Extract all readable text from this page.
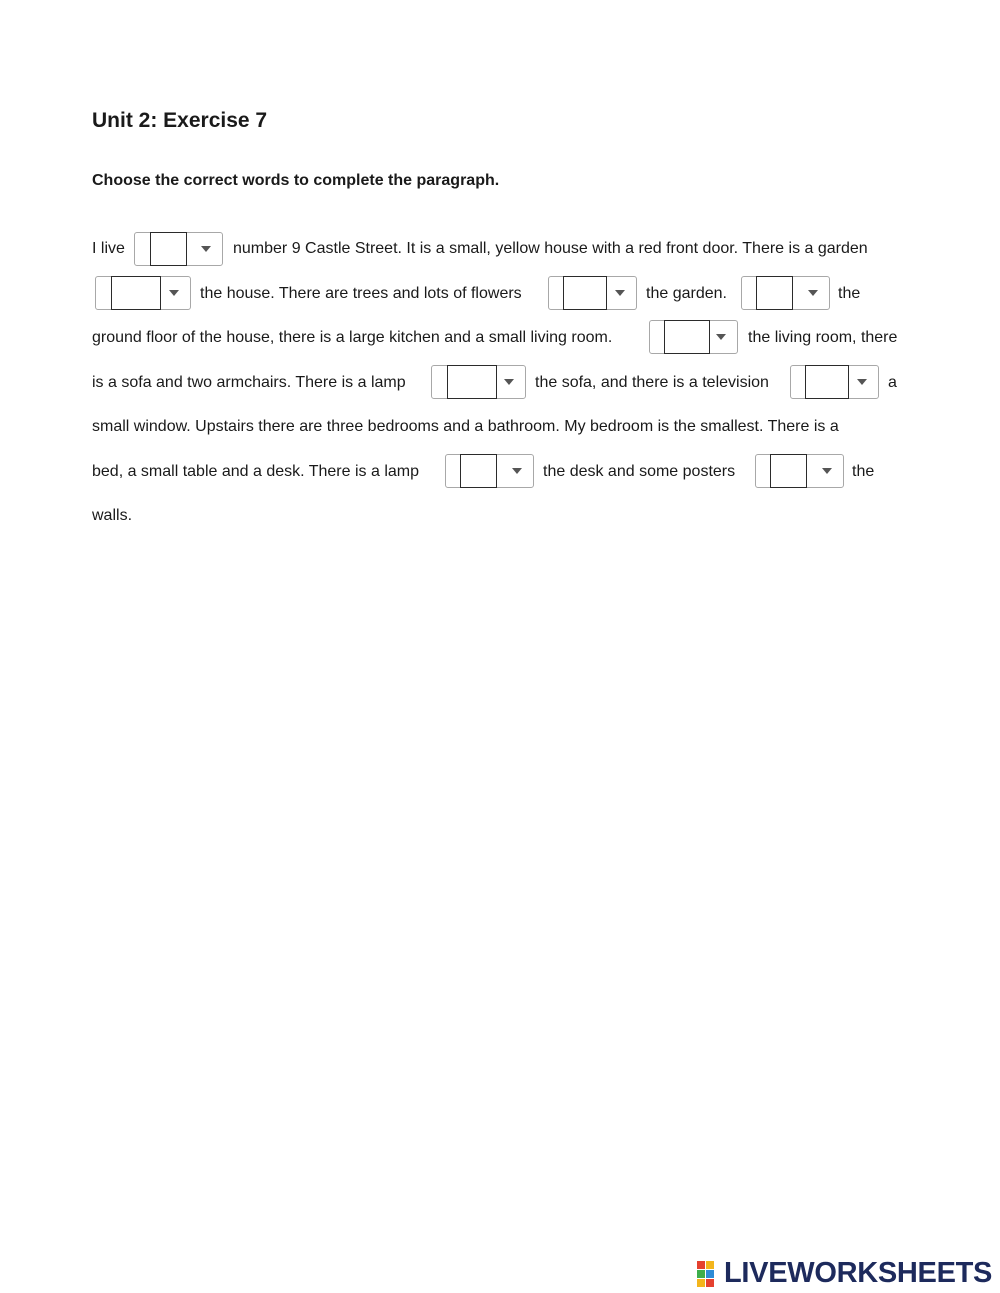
Unit 2: Exercise 7
Choose the correct words to complete the paragraph.
I live	number 9 Castle Street. It is a small, yellow house with a red front door. There is a garden
the house. There are trees and lots of flowers	the garden.	the
ground floor of the house, there is a large kitchen and a small living room.	the living room, there
is a sofa and two armchairs. There is a lamp	the sofa, and there is a television	a
small window. Upstairs there are three bedrooms and a bathroom. My bedroom is the smallest. There is a
bed, a small table and a desk. There is a lamp	the desk and some posters	the
walls.
LIVEWORKSHEETS
